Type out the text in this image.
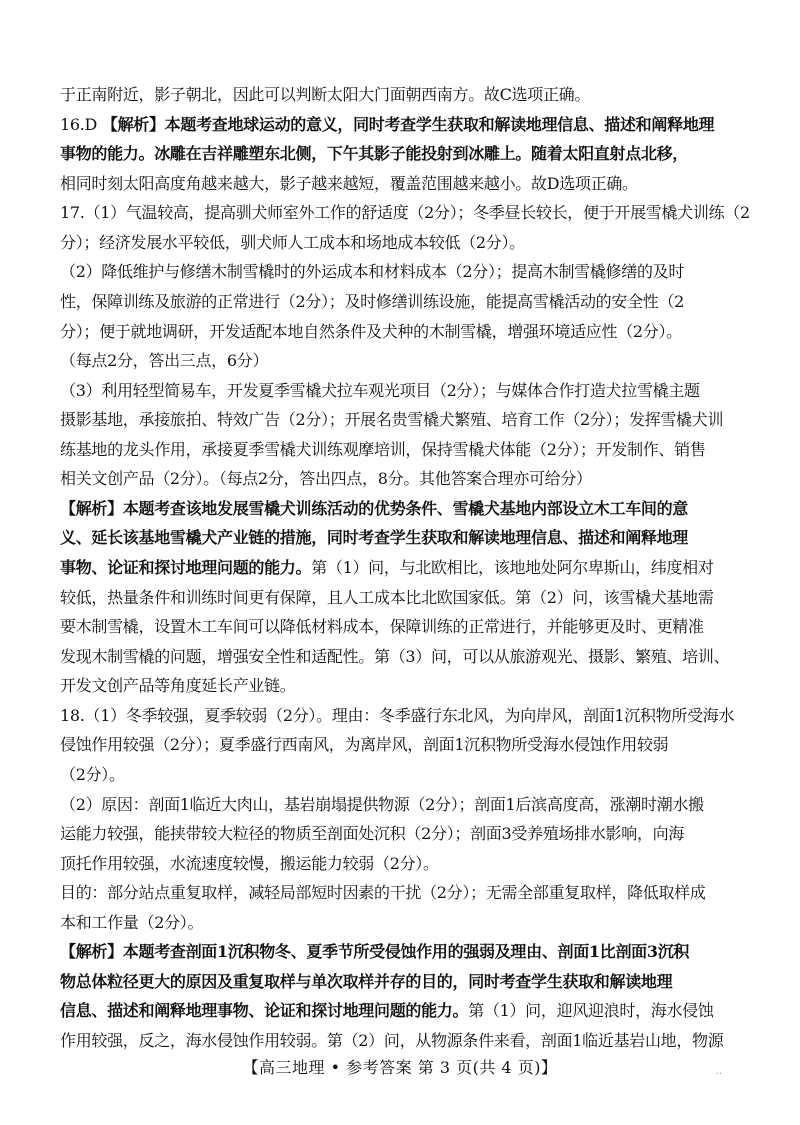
于正南附近，影子朝北，因此可以判断太阳大门面朝西南方。故C选项正确。
16.D 【解析】本题考查地球运动的意义，同时考查学生获取和解读地理信息、描述和阐释地理
事物的能力。冰雕在吉祥雕塑东北侧，下午其影子能投射到冰雕上。随着太阳直射点北移，
相同时刻太阳高度角越来越大，影子越来越短，覆盖范围越来越小。故D选项正确。
17.（1）气温较高，提高驯犬师室外工作的舒适度（2分）；冬季昼长较长，便于开展雪橇犬训练（2
分）；经济发展水平较低，驯犬师人工成本和场地成本较低（2分）。
（2）降低维护与修缮木制雪橇时的外运成本和材料成本（2分）；提高木制雪橇修缮的及时
性，保障训练及旅游的正常进行（2分）；及时修缮训练设施，能提高雪橇活动的安全性（2
分）；便于就地调研，开发适配本地自然条件及犬种的木制雪橇，增强环境适应性（2分）。
（每点2分，答出三点，6分）
（3）利用轻型简易车，开发夏季雪橇犬拉车观光项目（2分）；与媒体合作打造犬拉雪橇主题
摄影基地，承接旅拍、特效广告（2分）；开展名贵雪橇犬繁殖、培育工作（2分）；发挥雪橇犬训
练基地的龙头作用，承接夏季雪橇犬训练观摩培训，保持雪橇犬体能（2分）；开发制作、销售
相关文创产品（2分）。（每点2分，答出四点，8分。其他答案合理亦可给分）
【解析】本题考查该地发展雪橇犬训练活动的优势条件、雪橇犬基地内部设立木工车间的意
义、延长该基地雪橇犬产业链的措施，同时考查学生获取和解读地理信息、描述和阐释地理
事物、论证和探讨地理问题的能力。第（1）问，与北欧相比，该地地处阿尔卑斯山，纬度相对
较低，热量条件和训练时间更有保障，且人工成本比北欧国家低。第（2）问，该雪橇犬基地需
要木制雪橇，设置木工车间可以降低材料成本，保障训练的正常进行，并能够更及时、更精准
发现木制雪橇的问题，增强安全性和适配性。第（3）问，可以从旅游观光、摄影、繁殖、培训、
开发文创产品等角度延长产业链。
18.（1）冬季较强，夏季较弱（2分）。理由：冬季盛行东北风，为向岸风，剖面1沉积物所受海水
侵蚀作用较强（2分）；夏季盛行西南风，为离岸风，剖面1沉积物所受海水侵蚀作用较弱
（2分）。
（2）原因：剖面1临近大肉山，基岩崩塌提供物源（2分）；剖面1后滨高度高，涨潮时潮水搬
运能力较强，能挟带较大粒径的物质至剖面处沉积（2分）；剖面3受养殖场排水影响，向海
顶托作用较强，水流速度较慢，搬运能力较弱（2分）。
目的：部分站点重复取样，减轻局部短时因素的干扰（2分）；无需全部重复取样，降低取样成
本和工作量（2分）。
【解析】本题考查剖面1沉积物冬、夏季节所受侵蚀作用的强弱及理由、剖面1比剖面3沉积
物总体粒径更大的原因及重复取样与单次取样并存的目的，同时考查学生获取和解读地理
信息、描述和阐释地理事物、论证和探讨地理问题的能力。第（1）问，迎风迎浪时，海水侵蚀
作用较强，反之，海水侵蚀作用较弱。第（2）问，从物源条件来看，剖面1临近基岩山地，物源
【高三地理 • 参考答案 第 3 页(共 4 页)】	..
